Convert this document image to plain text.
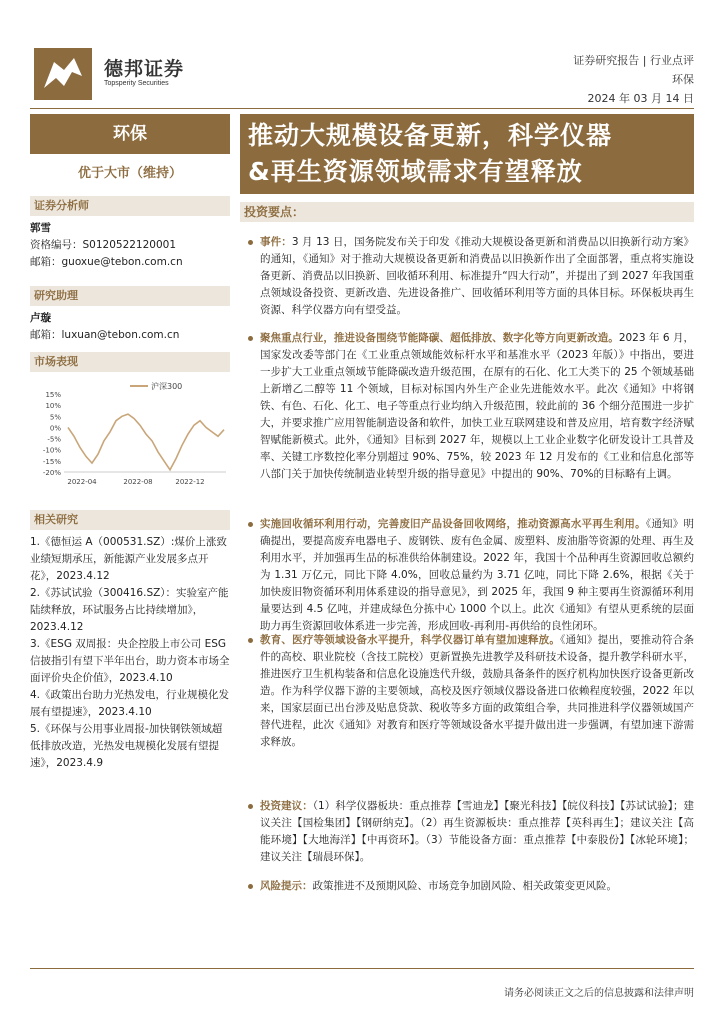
德邦证券
Topsperity Securities
证券研究报告 | 行业点评
环保
2024 年 03 月 14 日
环保
优于大市（维持）
推动大规模设备更新，科学仪器
&再生资源领域需求有望释放
证券分析师
郭雪
资格编号：S0120522120001
邮箱：guoxue@tebon.com.cn
研究助理
卢璇
邮箱：luxuan@tebon.com.cn
市场表现
15%
10%
5%
0%
-5%
-10%
-15%
-20%
2022-04	2022-08	2022-12
沪深300
相关研究
1.《德恒运 A（000531.SZ）:煤价上涨致业绩短期承压，新能源产业发展多点开花》，2023.4.12
2.《苏试试验（300416.SZ）：实验室产能陆续释放，环试服务占比持续增加》，2023.4.12
3.《ESG 双周报：央企控股上市公司 ESG 信披指引有望下半年出台，助力资本市场全面评价央企价值》，2023.4.10
4.《政策出台助力光热发电，行业规模化发展有望提速》，2023.4.10
5.《环保与公用事业周报-加快钢铁领域超低排放改造，光热发电规模化发展有望提速》，2023.4.9
投资要点：
事件：3 月 13 日，国务院发布关于印发《推动大规模设备更新和消费品以旧换新行动方案》的通知，《通知》对于推动大规模设备更新和消费品以旧换新作出了全面部署，重点将实施设备更新、消费品以旧换新、回收循环利用、标准提升“四大行动”，并提出了到 2027 年我国重点领域设备投资、更新改造、先进设备推广、回收循环利用等方面的具体目标。环保板块再生资源、科学仪器方向有望受益。
聚焦重点行业，推进设备围绕节能降碳、超低排放、数字化等方向更新改造。2023 年 6 月，国家发改委等部门在《工业重点领域能效标杆水平和基准水平（2023 年版）》中指出，要进一步扩大工业重点领域节能降碳改造升级范围，在原有的石化、化工大类下的 25 个领域基础上新增乙二醇等 11 个领域，目标对标国内外生产企业先进能效水平。此次《通知》中将钢铁、有色、石化、化工、电子等重点行业均纳入升级范围，较此前的 36 个细分范围进一步扩大，并要求推广应用智能制造设备和软件，加快工业互联网建设和普及应用，培育数字经济赋智赋能新模式。此外，《通知》目标到 2027 年，规模以上工业企业数字化研发设计工具普及率、关键工序数控化率分别超过 90%、75%，较 2023 年 12 月发布的《工业和信息化部等八部门关于加快传统制造业转型升级的指导意见》中提出的 90%、70%的目标略有上调。
实施回收循环利用行动，完善废旧产品设备回收网络，推动资源高水平再生利用。《通知》明确提出，要提高废弃电器电子、废钢铁、废有色金属、废塑料、废油脂等资源的处理、再生及利用水平，并加强再生品的标准供给体制建设。2022 年，我国十个品种再生资源回收总额约为 1.31 万亿元，同比下降 4.0%，回收总量约为 3.71 亿吨，同比下降 2.6%，根据《关于加快废旧物资循环利用体系建设的指导意见》，到 2025 年，我国 9 种主要再生资源循环利用量要达到 4.5 亿吨，并建成绿色分拣中心 1000 个以上。此次《通知》有望从更系统的层面助力再生资源回收体系进一步完善，形成回收-再利用-再供给的良性闭环。
教育、医疗等领域设备水平提升，科学仪器订单有望加速释放。《通知》提出，要推动符合条件的高校、职业院校（含技工院校）更新置换先进教学及科研技术设备，提升教学科研水平，推进医疗卫生机构装备和信息化设施迭代升级，鼓励具备条件的医疗机构加快医疗设备更新改造。作为科学仪器下游的主要领域，高校及医疗领域仪器设备进口依赖程度较强，2022 年以来，国家层面已出台涉及贴息贷款、税收等多方面的政策组合拳，共同推进科学仪器领域国产替代进程，此次《通知》对教育和医疗等领域设备水平提升做出进一步强调，有望加速下游需求释放。
投资建议：（1）科学仪器板块：重点推荐【雪迪龙】【聚光科技】【皖仪科技】【苏试试验】；建议关注【国检集团】【钢研纳克】。（2）再生资源板块：重点推荐【英科再生】；建议关注【高能环境】【大地海洋】【中再资环】。（3）节能设备方面：重点推荐【中泰股份】【冰轮环境】；建议关注【瑞晨环保】。
风险提示：政策推进不及预期风险、市场竞争加剧风险、相关政策变更风险。
请务必阅读正文之后的信息披露和法律声明
